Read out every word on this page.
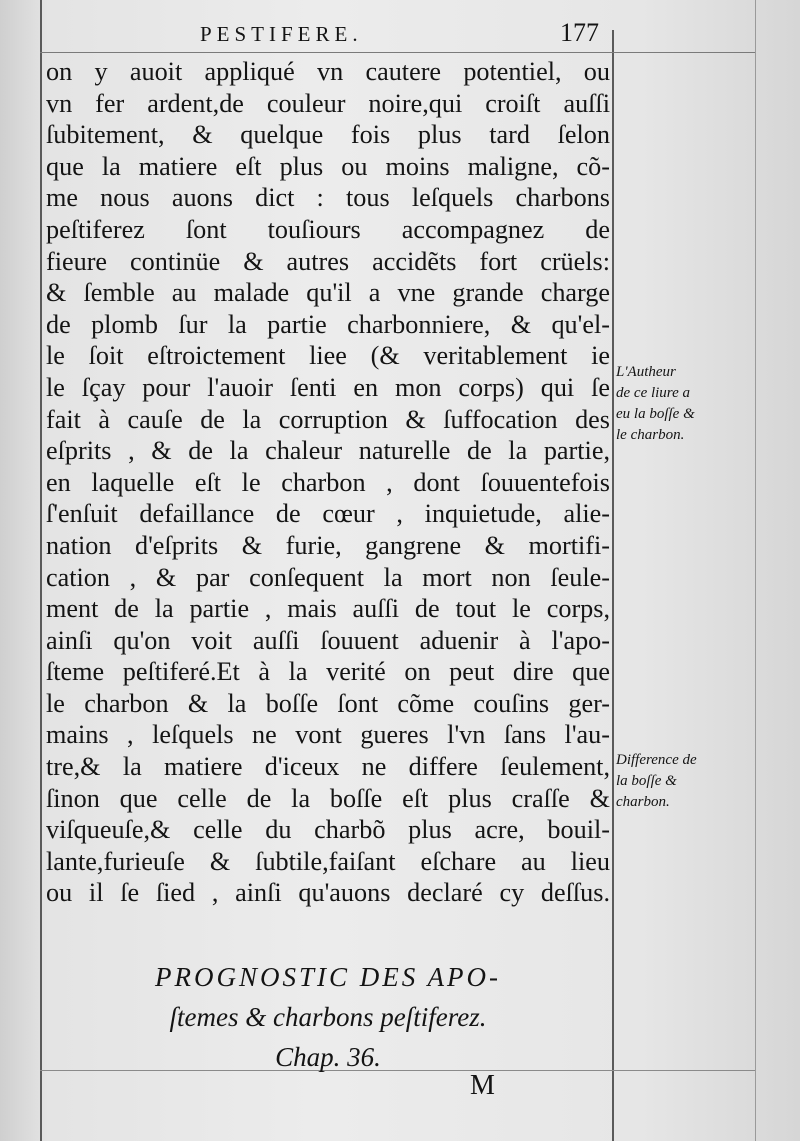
PESTIFERE.	177
on y auoit appliqué vn cautere potentiel, ou
vn fer ardent,de couleur noire,qui croiſt auſſi
ſubitement, & quelque fois plus tard ſelon
que la matiere eſt plus ou moins maligne, cõ-
me nous auons dict : tous leſquels charbons
peſtiferez ſont touſiours accompagnez de
fieure continüe & autres accidẽts fort crüels:
& ſemble au malade qu'il a vne grande charge
de plomb ſur la partie charbonniere, & qu'el-
le ſoit eſtroictement liee (& veritablement ie
le ſçay pour l'auoir ſenti en mon corps) qui ſe
fait à cauſe de la corruption & ſuffocation des
eſprits , & de la chaleur naturelle de la partie,
en laquelle eſt le charbon , dont ſouuentefois
ſ'enſuit defaillance de cœur , inquietude, alie-
nation d'eſprits & furie, gangrene & mortifi-
cation , & par conſequent la mort non ſeule-
ment de la partie , mais auſſi de tout le corps,
ainſi qu'on voit auſſi ſouuent aduenir à l'apo-
ſteme peſtiferé.Et à la verité on peut dire que
le charbon & la boſſe ſont cõme couſins ger-
mains , leſquels ne vont gueres l'vn ſans l'au-
tre,& la matiere d'iceux ne differe ſeulement,
ſinon que celle de la boſſe eſt plus craſſe &
viſqueuſe,& celle du charbõ plus acre, bouil-
lante,furieuſe & ſubtile,faiſant eſchare au lieu
ou il ſe ſied , ainſi qu'auons declaré cy deſſus.
L'Autheur
de ce liure a
eu la boſſe &
le charbon.
Difference de
la boſſe &
charbon.
PROGNOSTIC DES APO-
ſtemes & charbons peſtiferez.
Chap. 36.
M
